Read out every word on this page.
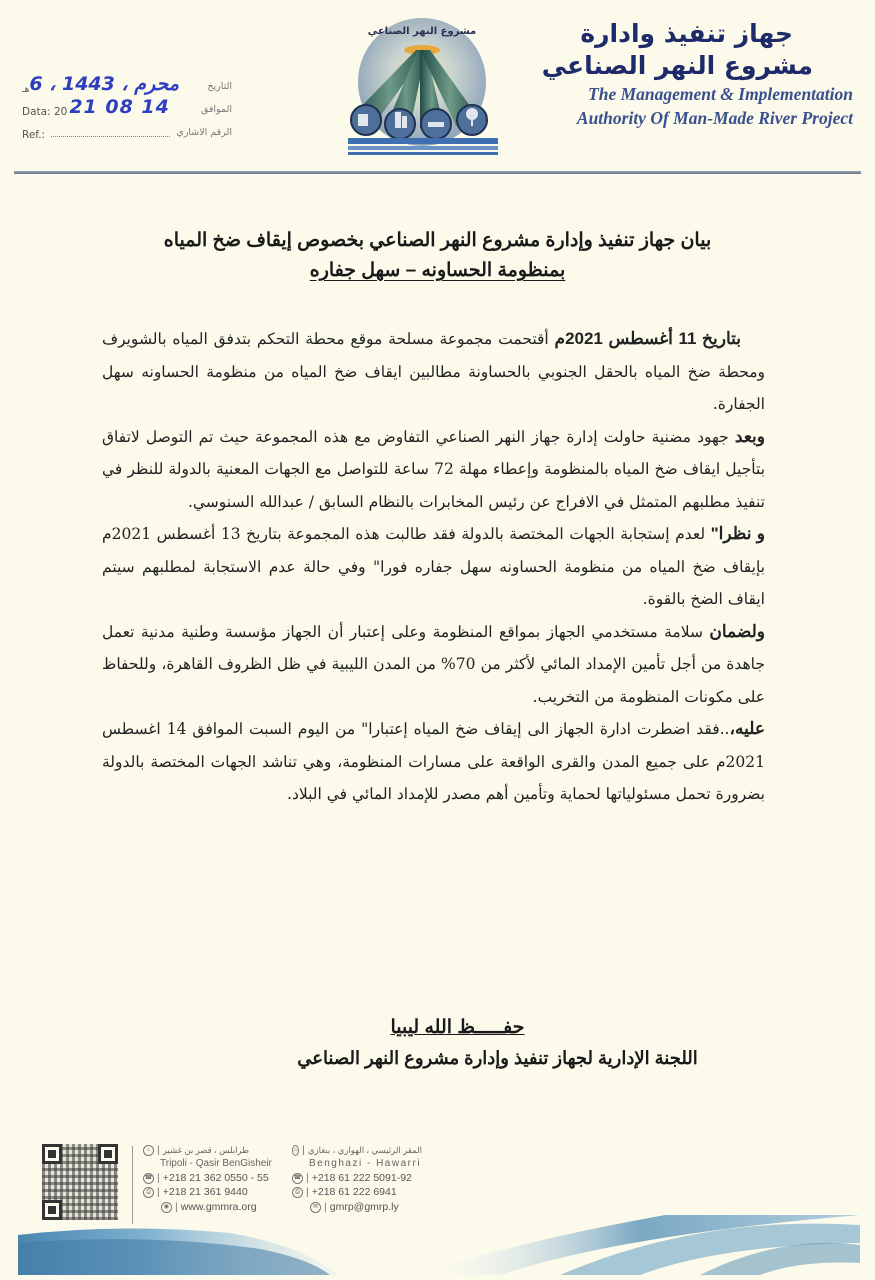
جهاز تنفيذ وادارة
مشروع النهر الصناعي
The Management & Implementation
Authority Of Man-Made River Project
مشروع النهر الصناعي
هـ 6 ، محرم ، 1443	التاريخ
Data: 20 21 08 14	الموافق
Ref.:	الرقم الاشاري
بيان جهاز تنفيذ وإدارة مشروع النهر الصناعي بخصوص إيقاف ضخ المياه
بمنظومة الحساونه – سهل جفاره

بتاريخ 11 أغسطس 2021م أقتحمت مجموعة مسلحة موقع محطة التحكم بتدفق المياه بالشويرف ومحطة ضخ المياه بالحقل الجنوبي بالحساونة مطالبين ايقاف ضخ المياه من منظومة الحساونه سهل الجفارة.

وبعد جهود مضنية حاولت إدارة جهاز النهر الصناعي التفاوض مع هذه المجموعة حيث تم التوصل لاتفاق بتأجيل ايقاف ضخ المياه بالمنظومة وإعطاء مهلة 72 ساعة للتواصل مع الجهات المعنية بالدولة للنظر في تنفيذ مطلبهم المتمثل في الافراج عن رئيس المخابرات بالنظام السابق / عبدالله السنوسي.

و نظرا" لعدم إستجابة الجهات المختصة بالدولة فقد طالبت هذه المجموعة بتاريخ 13 أغسطس 2021م بإيقاف ضخ المياه من منظومة الحساونه سهل جفاره فورا" وفي حالة عدم الاستجابة لمطلبهم سيتم ايقاف الضخ بالقوة.

ولضمان سلامة مستخدمي الجهاز بمواقع المنظومة وعلى إعتبار أن الجهاز مؤسسة وطنية مدنية تعمل جاهدة من أجل تأمين الإمداد المائي لأكثر من 70% من المدن الليبية في ظل الظروف القاهرة، وللحفاظ على مكونات المنظومة من التخريب.

عليه،..فقد اضطرت ادارة الجهاز الى إيقاف ضخ المياه إعتبارا" من اليوم السبت الموافق 14 اغسطس 2021م على جميع المدن والقرى الواقعة على مسارات المنظومة، وهي تناشد الجهات المختصة بالدولة بضرورة تحمل مسئولياتها لحماية وتأمين أهم مصدر للإمداد المائي في البلاد.

حفـــــظ الله ليبيا
اللجنة الإدارية لجهاز تنفيذ وإدارة مشروع النهر الصناعي
⌂ | طرابلس ، قصر بن غشير
Tripoli - Qasir BenGisheir
☎ | +218 21 362 0550 - 55
⎙ | +218 21 361 9440
◉ | www.gmmra.org
⌂ | المقر الرئيسي ، الهواري ، بنغازي
Benghazi - Hawarri
☎ | +218 61 222 5091-92
⎙ | +218 61 222 6941
✉ | gmrp@gmrp.ly
